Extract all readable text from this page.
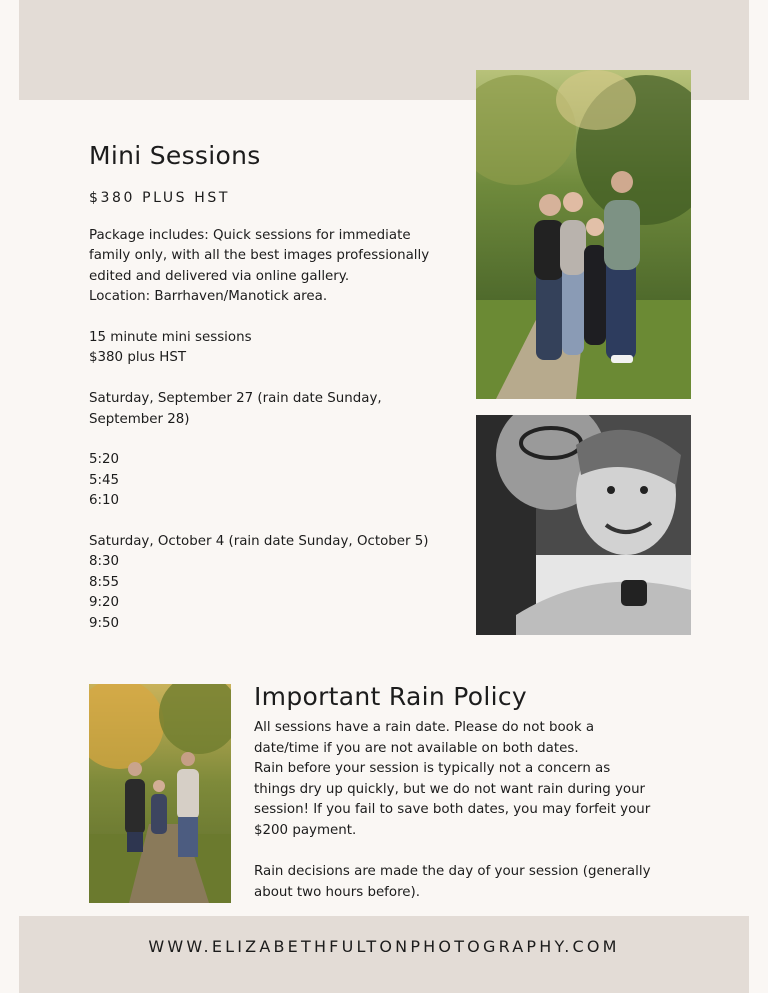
Mini Sessions
$380 PLUS HST

Package includes: Quick sessions for immediate
family only, with all the best images professionally
edited and delivered via online gallery.
Location: Barrhaven/Manotick area.

15 minute mini sessions
$380 plus HST

Saturday, September 27 (rain date Sunday,
September 28)

5:20
5:45
6:10

Saturday, October 4 (rain date Sunday, October 5)

8:30
8:55
9:20
9:50

Important Rain Policy

All sessions have a rain date. Please do not book a
date/time if you are not available on both dates.
Rain before your session is typically not a concern as
things dry up quickly, but we do not want rain during your
session! If you fail to save both dates, you may forfeit your
$200 payment.

Rain decisions are made the day of your session (generally
about two hours before).

WWW.ELIZABETHFULTONPHOTOGRAPHY.COM
